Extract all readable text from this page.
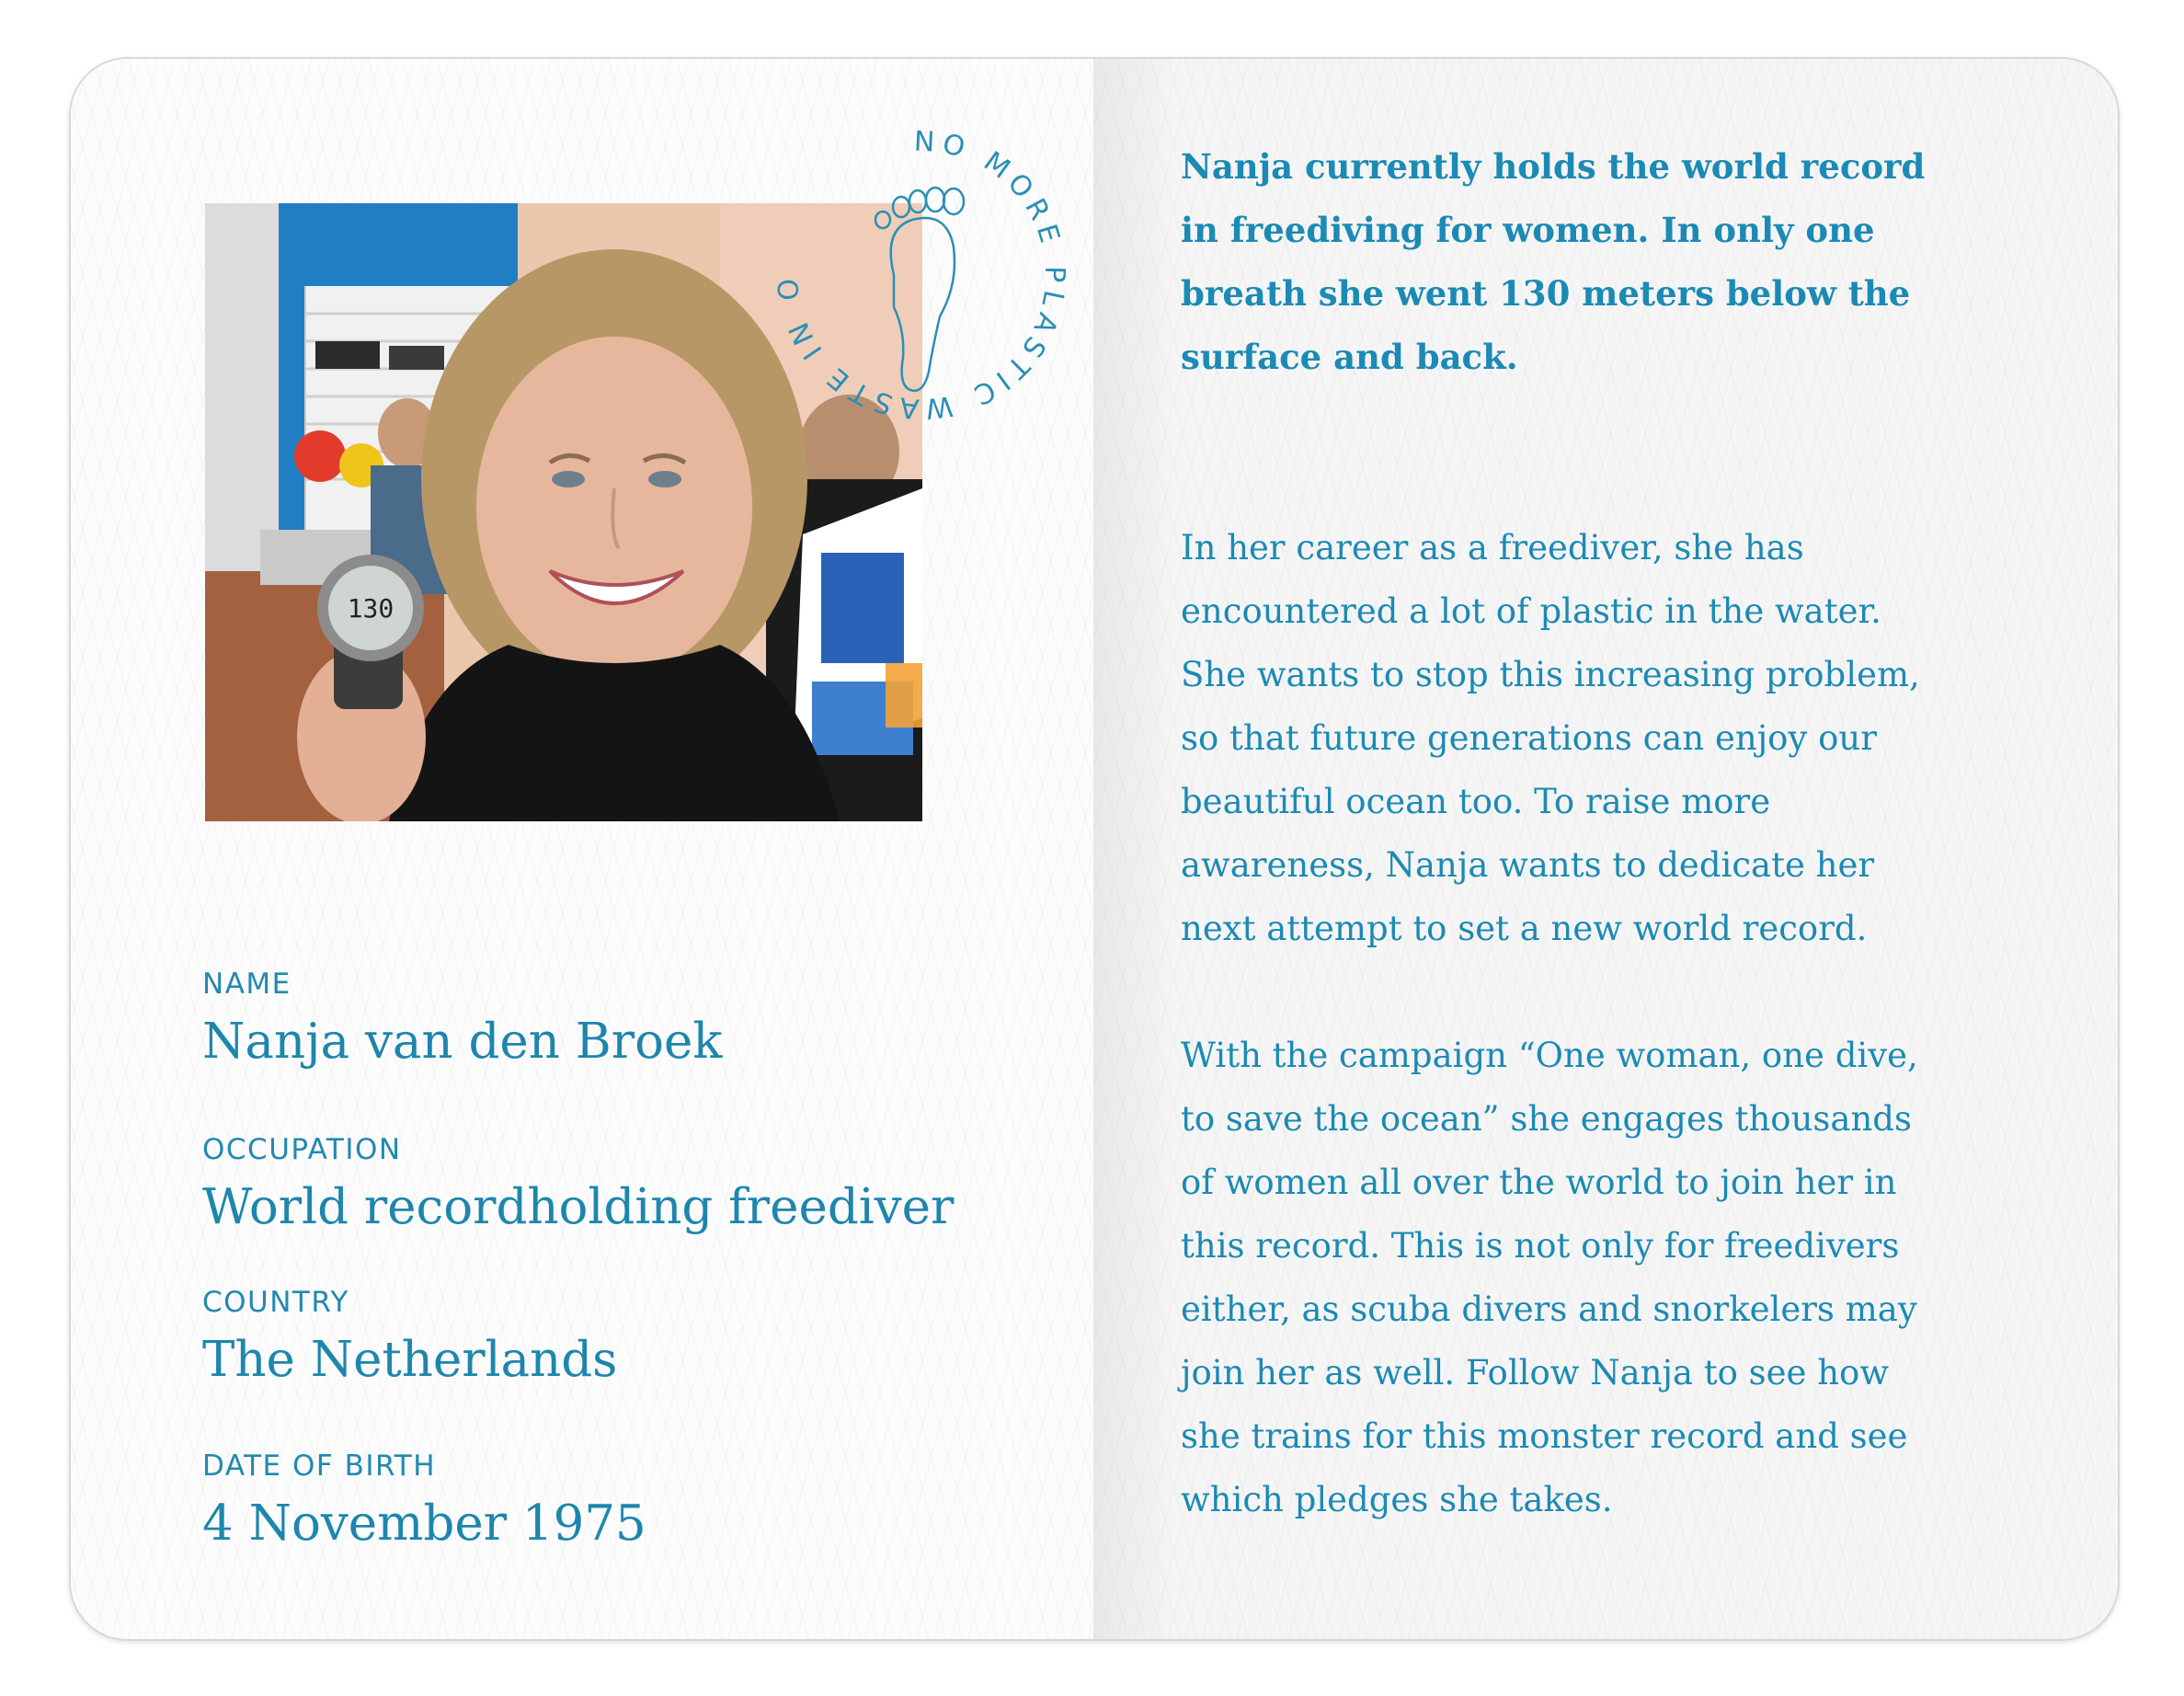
130
NO MORE PLASTIC WASTE IN O
NAME
Nanja van den Broek
OCCUPATION
World recordholding freediver
COUNTRY
The Netherlands
DATE OF BIRTH
4 November 1975
Nanja currently holds the world record
in freediving for women. In only one
breath she went 130 meters below the
surface and back.
In her career as a freediver, she has
encountered a lot of plastic in the water.
She wants to stop this increasing problem,
so that future generations can enjoy our
beautiful ocean too. To raise more
awareness, Nanja wants to dedicate her
next attempt to set a new world record.
With the campaign “One woman, one dive,
to save the ocean” she engages thousands
of women all over the world to join her in
this record. This is not only for freedivers
either, as scuba divers and snorkelers may
join her as well. Follow Nanja to see how
she trains for this monster record and see
which pledges she takes.
